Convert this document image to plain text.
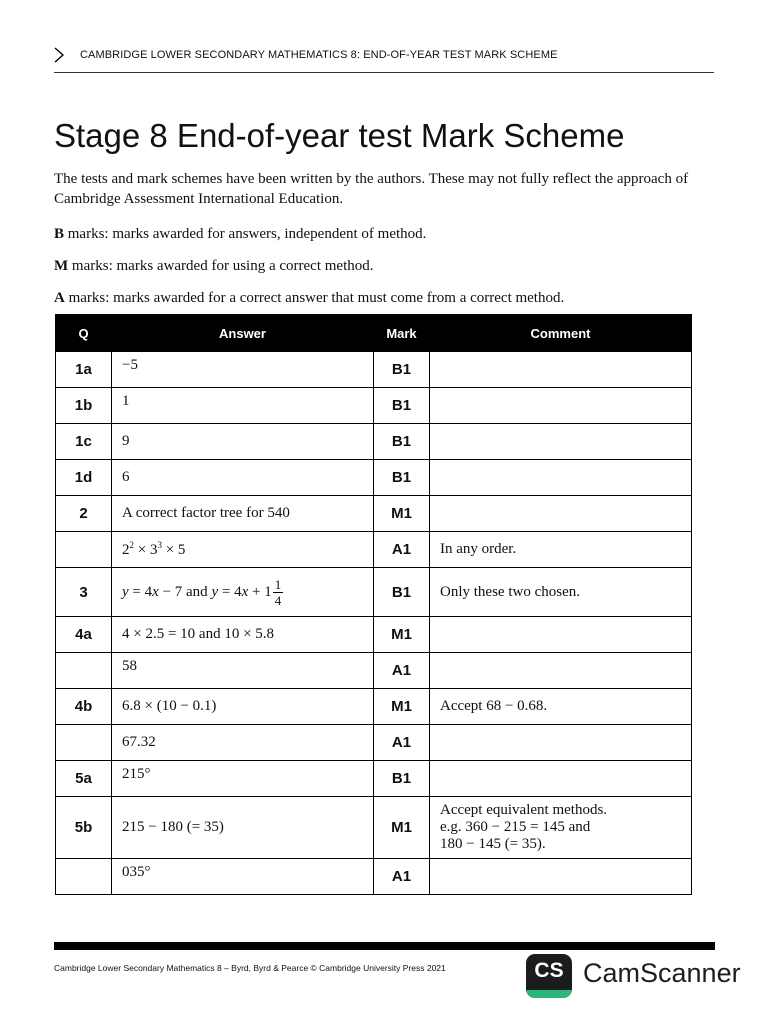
CAMBRIDGE LOWER SECONDARY MATHEMATICS 8: END-OF-YEAR TEST MARK SCHEME
Stage 8 End-of-year test Mark Scheme

The tests and mark schemes have been written by the authors. These may not fully reflect the approach of Cambridge Assessment International Education.

B marks: marks awarded for answers, independent of method.

M marks: marks awarded for using a correct method.

A marks: marks awarded for a correct answer that must come from a correct method.

Q	Answer	Mark	Comment
1a	−5	B1	
1b	1	B1	
1c	9	B1	
1d	6	B1	
2	A correct factor tree for 540	M1	
	$2^2 \times 3^3 \times 5$	A1	In any order.
3	y = 4x − 7 and $y = 4x + 1 \frac{1}{4}$	B1	Only these two chosen.
4a	4 × 2.5 = 10 and 10 × 5.8	M1	

	58	A1	
4b	6.8 × (10 − 0.1)	M1	Accept 68 − 0.68.
	67.32	A1	
5a	215°	B1	
5b	215 − 180 (= 35)	M1	Accept equivalent methods.
e.g. 360 − 215 = 145 and
180 − 145 (= 35).

	035°	A1	
Cambridge Lower Secondary Mathematics 8 – Byrd, Byrd & Pearce © Cambridge University Press 2021	CS CamScanner
